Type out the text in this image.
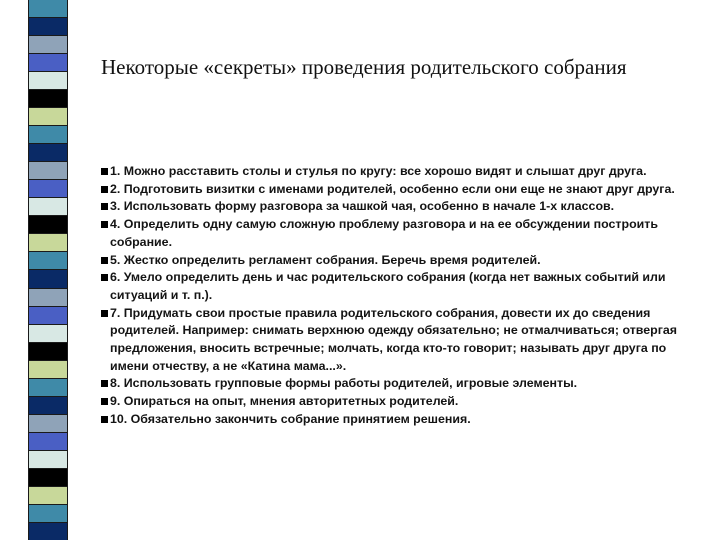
Некоторые «секреты» проведения родительского собрания
1. Можно расставить столы и стулья по кругу: все хорошо видят и слышат друг друга.
2. Подготовить визитки с именами родителей, особенно если они еще не знают друг друга.
3. Использовать форму разговора за чашкой чая, особенно в начале 1-х классов.
4. Определить одну самую сложную проблему разговора и на ее обсуждении построить собрание.
5. Жестко определить регламент собрания. Беречь время родителей.
6. Умело определить день и час родительского собрания (когда нет важных событий или ситуаций и т. п.).
7. Придумать свои простые правила родительского собрания, довести их до сведения родителей. Например: снимать верхнюю одежду обязательно; не отмалчиваться; отвергая предложения, вносить встречные; молчать, когда кто-то говорит; называть друг друга по имени отчеству, а не «Катина мама...».
8. Использовать групповые формы работы родителей, игровые элементы.
9. Опираться на опыт, мнения авторитетных родителей.
10. Обязательно закончить собрание принятием решения.
